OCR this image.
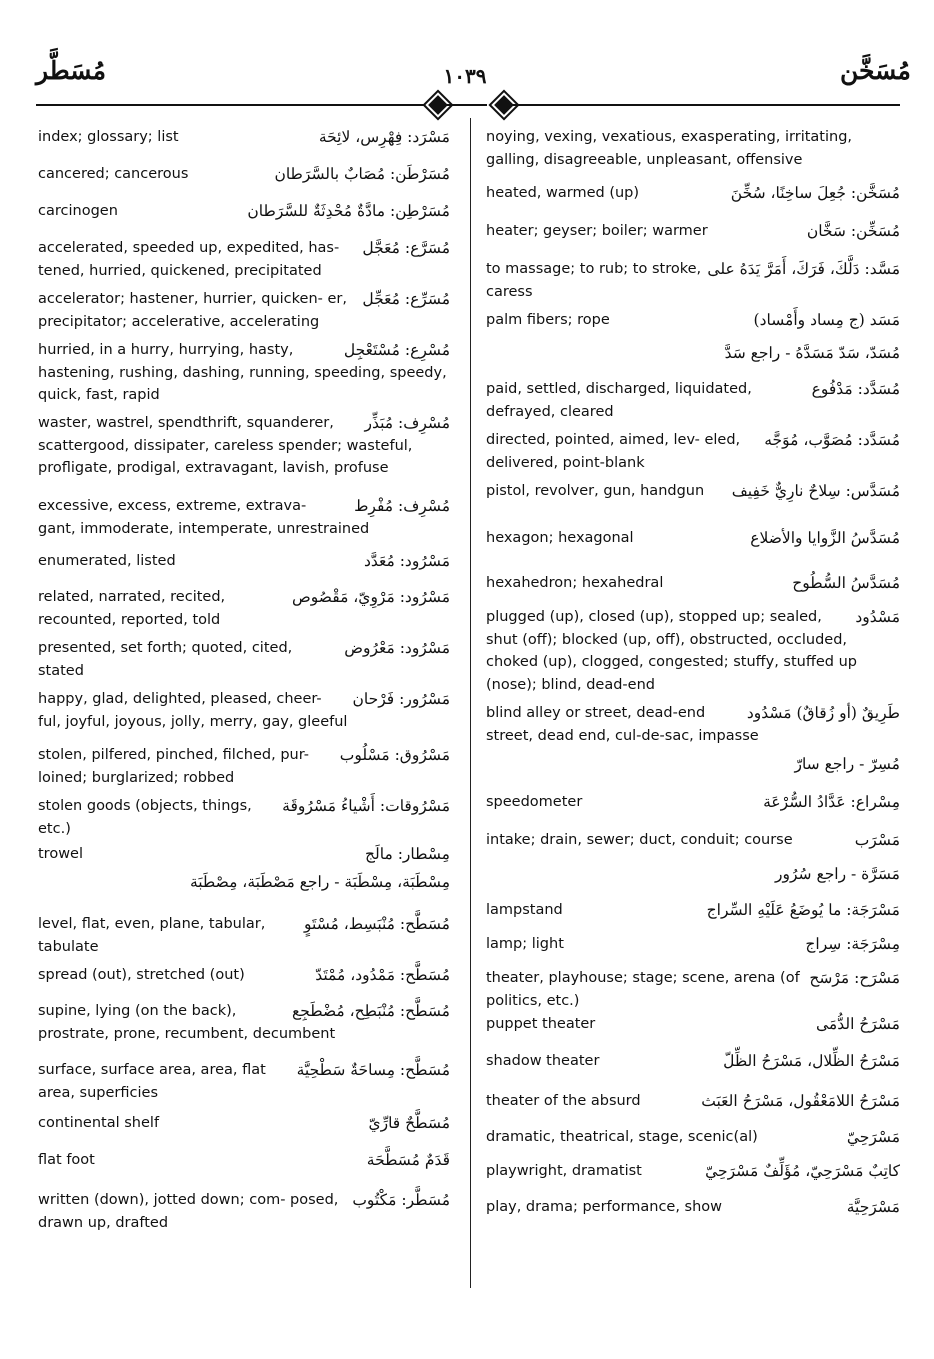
مُسَطَّر	١٠٣٩	مُسَخَّن
مَسْرَد: فِهْرِس، لائِحَة
index; glossary; list
مُسَرْطَن: مُصَابٌ بالسَّرَطان
cancered; cancerous
مُسَرْطِن: مادَّةٌ مُحْدِثَةٌ للسَّرَطان
carcinogen
مُسَرَّع: مُعَجَّل
accelerated, speeded up, expedited, has- tened, hurried, quickened, precipitated
مُسَرِّع: مُعَجِّل
accelerator; hastener, hurrier, quicken- er, precipitator; accelerative, accelerating
مُسْرِع: مُسْتَعْجِل
hurried, in a hurry, hurrying, hasty, hastening, rushing, dashing, running, speeding, speedy, quick, fast, rapid
مُسْرِف: مُبَذِّر
waster, wastrel, spendthrift, squanderer, scattergood, dissipater, careless spender; wasteful, profligate, prodigal, extravagant, lavish, profuse
مُسْرِف: مُفْرِط
excessive, excess, extreme, extrava- gant, immoderate, intemperate, unrestrained
مَسْرُود: مُعَدَّد
enumerated, listed
مَسْرُود: مَرْوِيّ، مَقْصُوص
related, narrated, recited, recounted, reported, told
مَسْرُود: مَعْرُوض
presented, set forth; quoted, cited, stated
مَسْرُور: فَرْحان
happy, glad, delighted, pleased, cheer- ful, joyful, joyous, jolly, merry, gay, gleeful
مَسْرُوق: مَسْلُوب
stolen, pilfered, pinched, filched, pur- loined; burglarized; robbed
مَسْرُوقات: أَشْياءُ مَسْرُوقَة
stolen goods (objects, things, etc.)
مِسْطار: مالَج
trowel
مِسْطَبَة، مِسْطَبَة - راجع مَصْطَبَة، مِصْطَبَة
مُسَطَّح: مُنْبَسِط، مُسْتَوٍ
level, flat, even, plane, tabular, tabulate
مُسَطَّح: مَمْدُود، مُمْتَدّ
spread (out), stretched (out)
مُسَطَّح: مُنْبَطِح، مُضْطَجِع
supine, lying (on the back), prostrate, prone, recumbent, decumbent
مُسَطَّح: مِساحَةٌ سَطْحِيَّة
surface, surface area, area, flat area, superficies
مُسَطَّحٌ قارِّيّ
continental shelf
قَدَمٌ مُسَطَّحَة
flat foot
مُسَطَّر: مَكْتُوب
written (down), jotted down; com- posed, drawn up, drafted
noying, vexing, vexatious, exasperating, irritating, galling, disagreeable, unpleasant, offensive
مُسَخَّن: جُعِلَ ساخِنًا، سُخِّنَ
heated, warmed (up)
مُسَخِّن: سَخَّان
heater; geyser; boiler; warmer
مَسَّد: دَلَّكَ، فَرَكَ، أَمَرَّ يَدَهُ على
to massage; to rub; to stroke, caress
مَسَد (ج مِساد وأَمْساد)
palm fibers; rope
مُسَدّ، سَدّ مَسَدَّهُ - راجع سَدَّ
مُسَدَّد: مَدْفُوع
paid, settled, discharged, liquidated, defrayed, cleared
مُسَدَّد: مُصَوَّب، مُوَجَّه
directed, pointed, aimed, lev- eled, delivered, point-blank
مُسَدَّس: سِلاحٌ نارِيٌّ خَفِيف
pistol, revolver, gun, handgun
مُسَدَّسُ الزَّوايا والأضلاع
hexagon; hexagonal
مُسَدَّسُ السُّطُوح
hexahedron; hexahedral
مَسْدُود
plugged (up), closed (up), stopped up; sealed, shut (off); blocked (up, off), obstructed, occluded, choked (up), clogged, congested; stuffy, stuffed up (nose); blind, dead-end
طَرِيقٌ (أو زُقاقٌ) مَسْدُود
blind alley or street, dead-end street, dead end, cul-de-sac, impasse
مُسِرّ - راجع سارّ
مِسْراع: عَدَّادُ السُّرْعَة
speedometer
مَسْرَب
intake; drain, sewer; duct, conduit; course
مَسَرَّة - راجع سُرُور
مَسْرَجَة: ما يُوضَعُ عَلَيْهِ السِّراج
lampstand
مِسْرَجَة: سِراج
lamp; light
مَسْرَح: مَرْسَح
theater, playhouse; stage; scene, arena (of politics, etc.)
مَسْرَحُ الدُّمَى
puppet theater
مَسْرَحُ الظِّلال، مَسْرَحُ الظِّلّ
shadow theater
مَسْرَحُ اللامَعْقُول، مَسْرَحُ العَبَث
theater of the absurd
مَسْرَحِيّ
dramatic, theatrical, stage, scenic(al)
كاتِبٌ مَسْرَحِيّ، مُؤَلِّفٌ مَسْرَحِيّ
playwright, dramatist
مَسْرَحِيَّة
play, drama; performance, show
